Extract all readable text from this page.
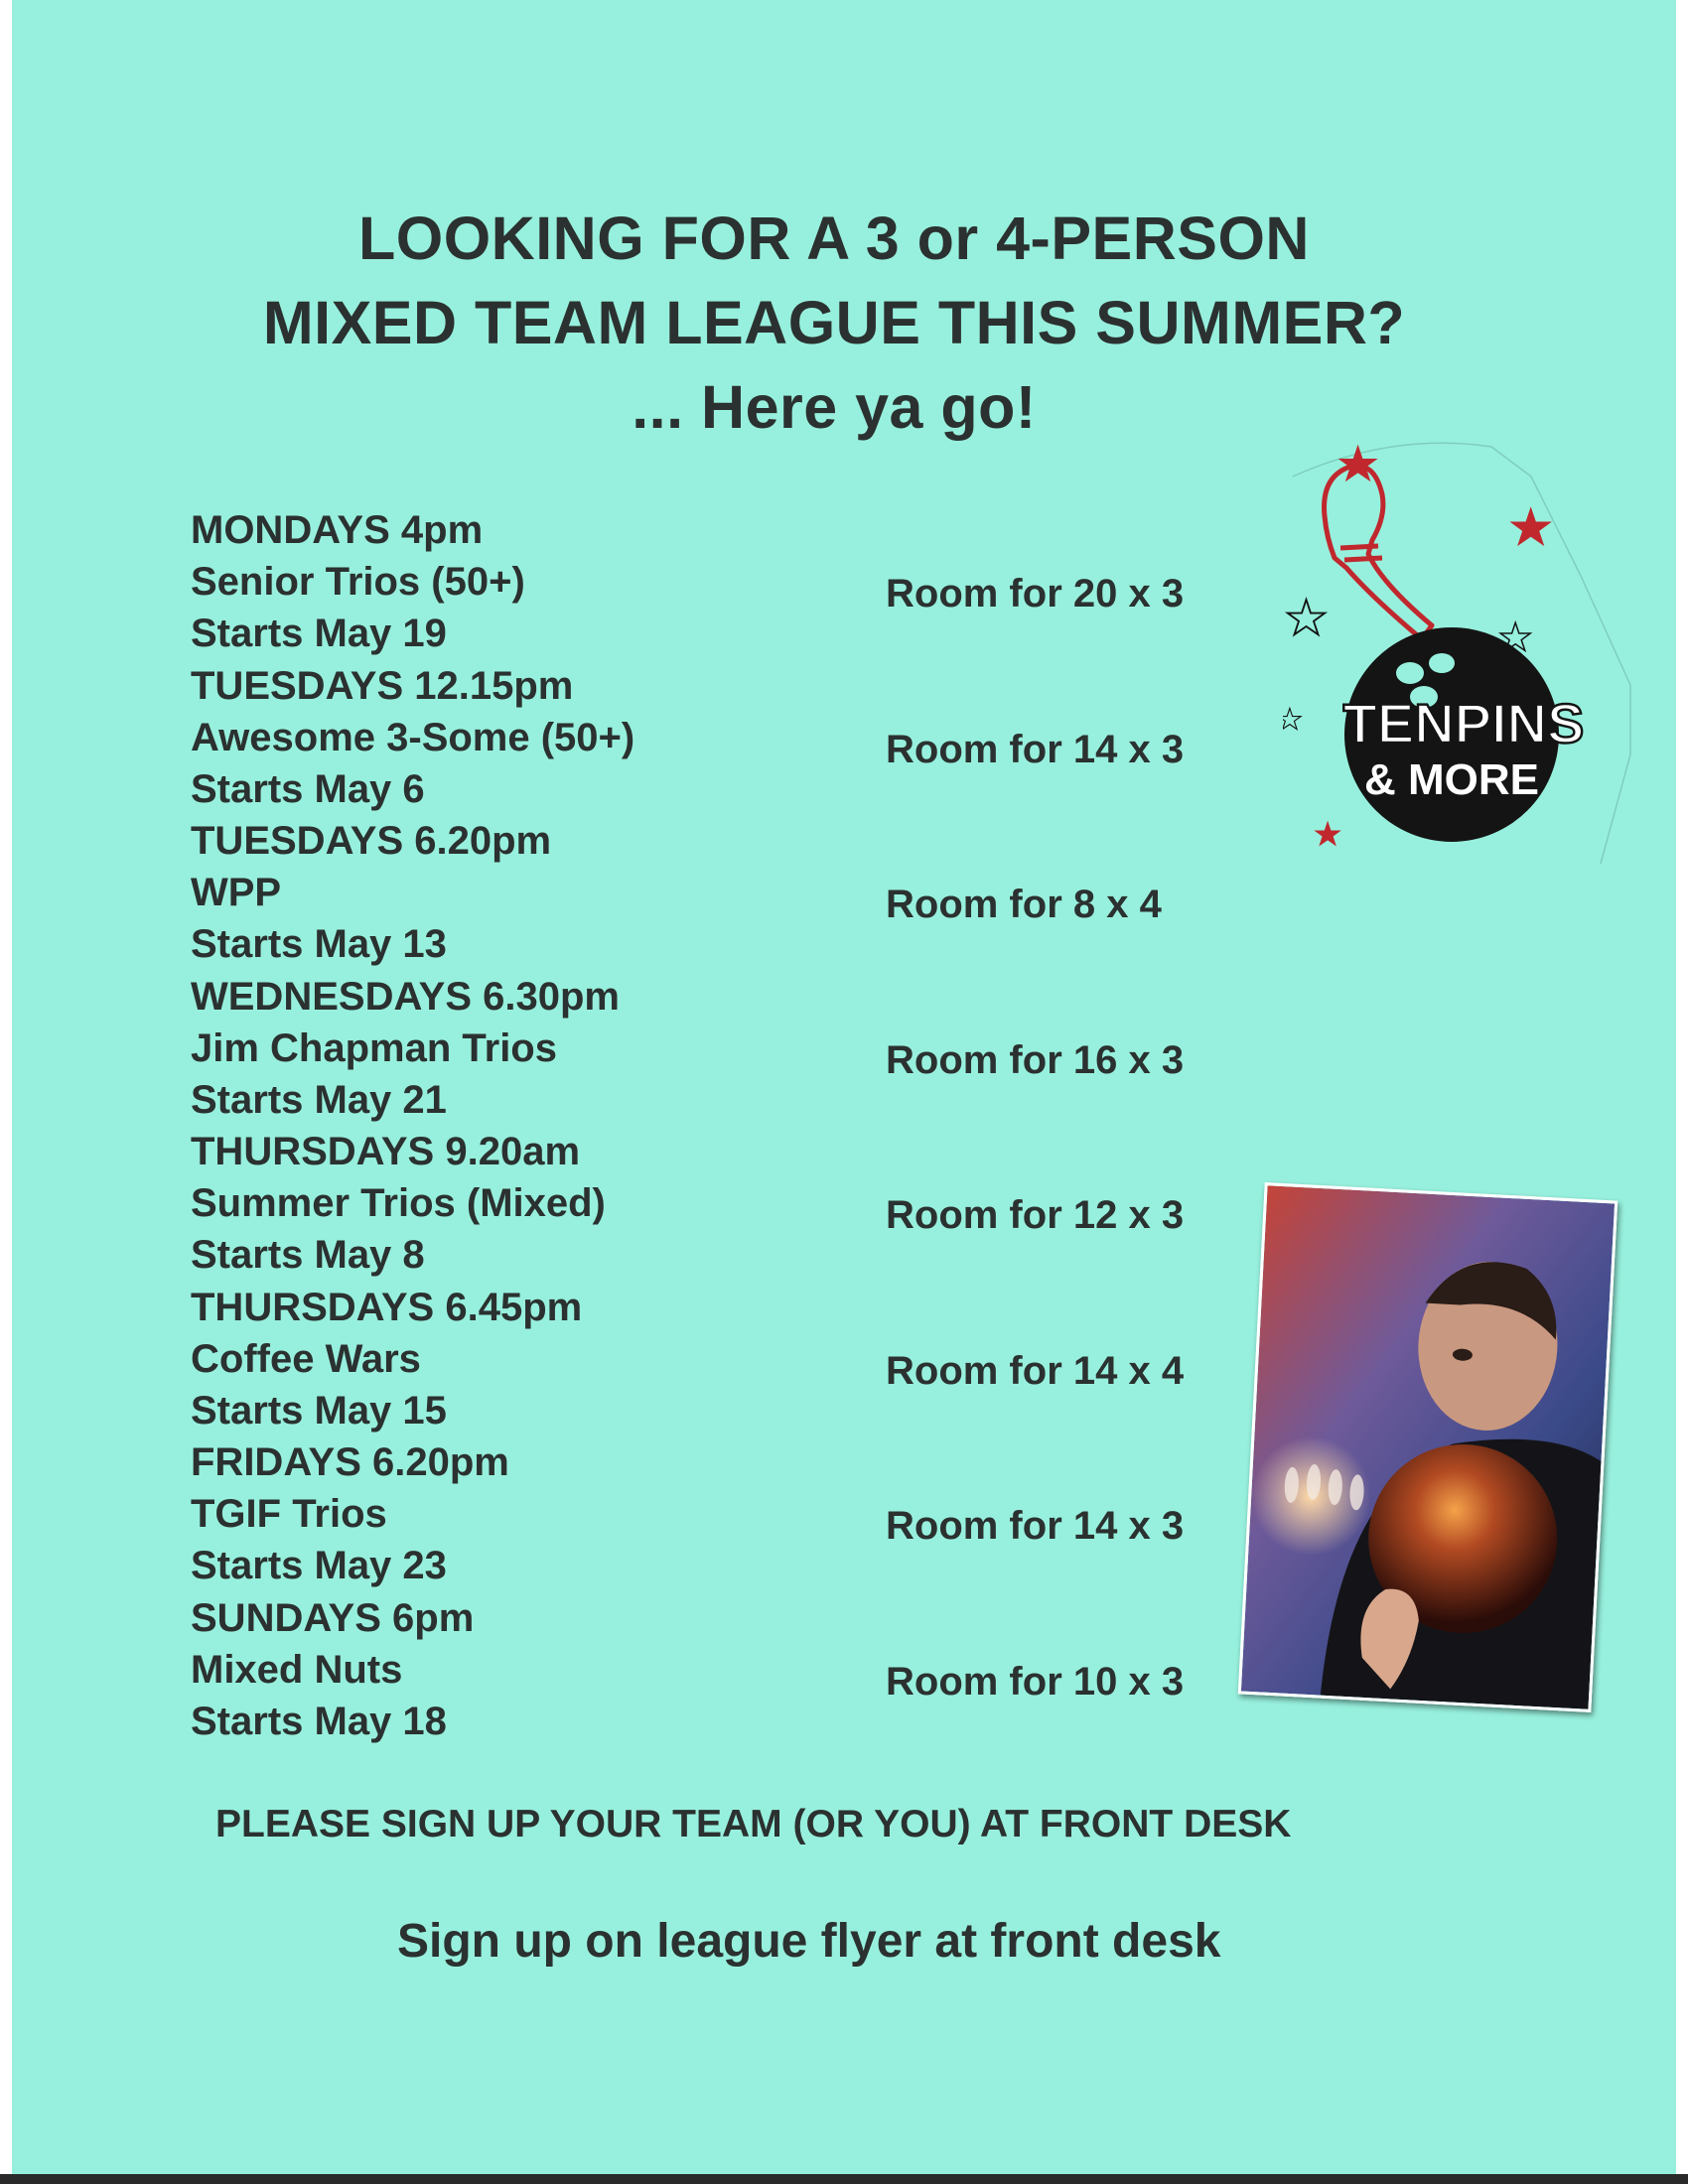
LOOKING FOR A 3 or 4-PERSON
MIXED TEAM LEAGUE THIS SUMMER?
... Here ya go!
MONDAYS 4pm
Senior Trios (50+)
Starts May 19
Room for 20 x 3
TUESDAYS 12.15pm
Awesome 3-Some (50+)
Starts May 6
Room for 14 x 3
TUESDAYS 6.20pm
WPP
Starts May 13
Room for 8 x 4
WEDNESDAYS 6.30pm
Jim Chapman Trios
Starts May 21
Room for 16 x 3
THURSDAYS 9.20am
Summer Trios (Mixed)
Starts May 8
Room for 12 x 3
THURSDAYS 6.45pm
Coffee Wars
Starts May 15
Room for 14 x 4
FRIDAYS 6.20pm
TGIF Trios
Starts May 23
Room for 14 x 3
SUNDAYS 6pm
Mixed Nuts
Starts May 18
Room for 10 x 3
PLEASE SIGN UP YOUR TEAM (OR YOU) AT FRONT DESK
Sign up on league flyer at front desk
TENPINS
& MORE
